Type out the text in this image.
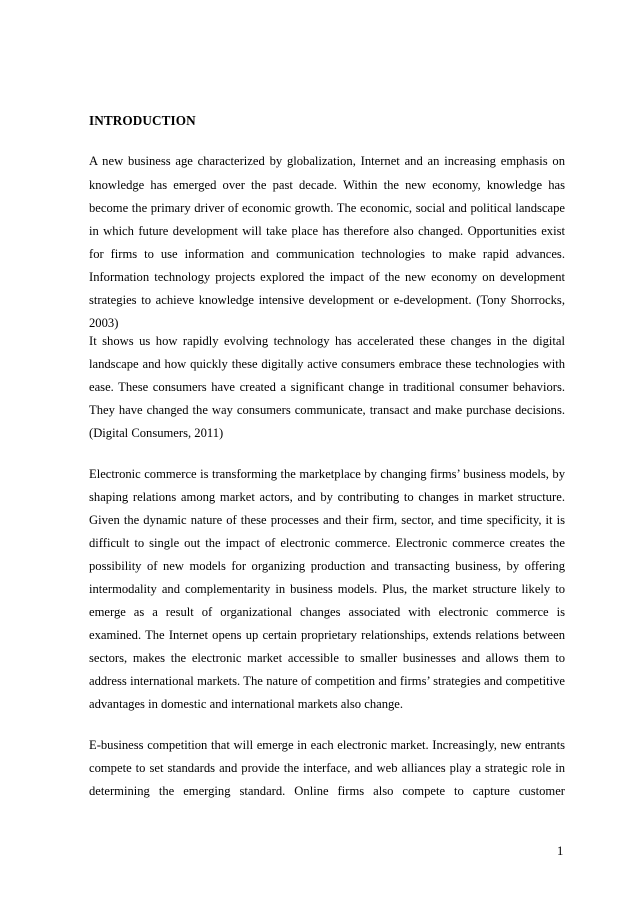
INTRODUCTION
A new business age characterized by globalization, Internet and an increasing emphasis on
knowledge has emerged over the past decade. Within the new economy, knowledge has
become the primary driver of economic growth. The economic, social and political landscape
in which future development will take place has therefore also changed. Opportunities exist
for firms to use information and communication technologies to make rapid advances.
Information technology projects explored the impact of the new economy on development
strategies to achieve knowledge intensive development or e-development. (Tony Shorrocks,
2003)
It shows us how rapidly evolving technology has accelerated these changes in the digital
landscape and how quickly these digitally active consumers embrace these technologies with
ease. These consumers have created a significant change in traditional consumer behaviors.
They have changed the way consumers communicate, transact and make purchase decisions.
(Digital Consumers, 2011)
Electronic commerce is transforming the marketplace by changing firms’ business models, by
shaping relations among market actors, and by contributing to changes in market structure.
Given the dynamic nature of these processes and their firm, sector, and time specificity, it is
difficult to single out the impact of electronic commerce. Electronic commerce creates the
possibility of new models for organizing production and transacting business, by offering
intermodality and complementarity in business models. Plus, the market structure likely to
emerge as a result of organizational changes associated with electronic commerce is
examined. The Internet opens up certain proprietary relationships, extends relations between
sectors, makes the electronic market accessible to smaller businesses and allows them to
address international markets. The nature of competition and firms’ strategies and competitive
advantages in domestic and international markets also change.
E-business competition that will emerge in each electronic market. Increasingly, new entrants
compete to set standards and provide the interface, and web alliances play a strategic role in
determining the emerging standard. Online firms also compete to capture customer
1
